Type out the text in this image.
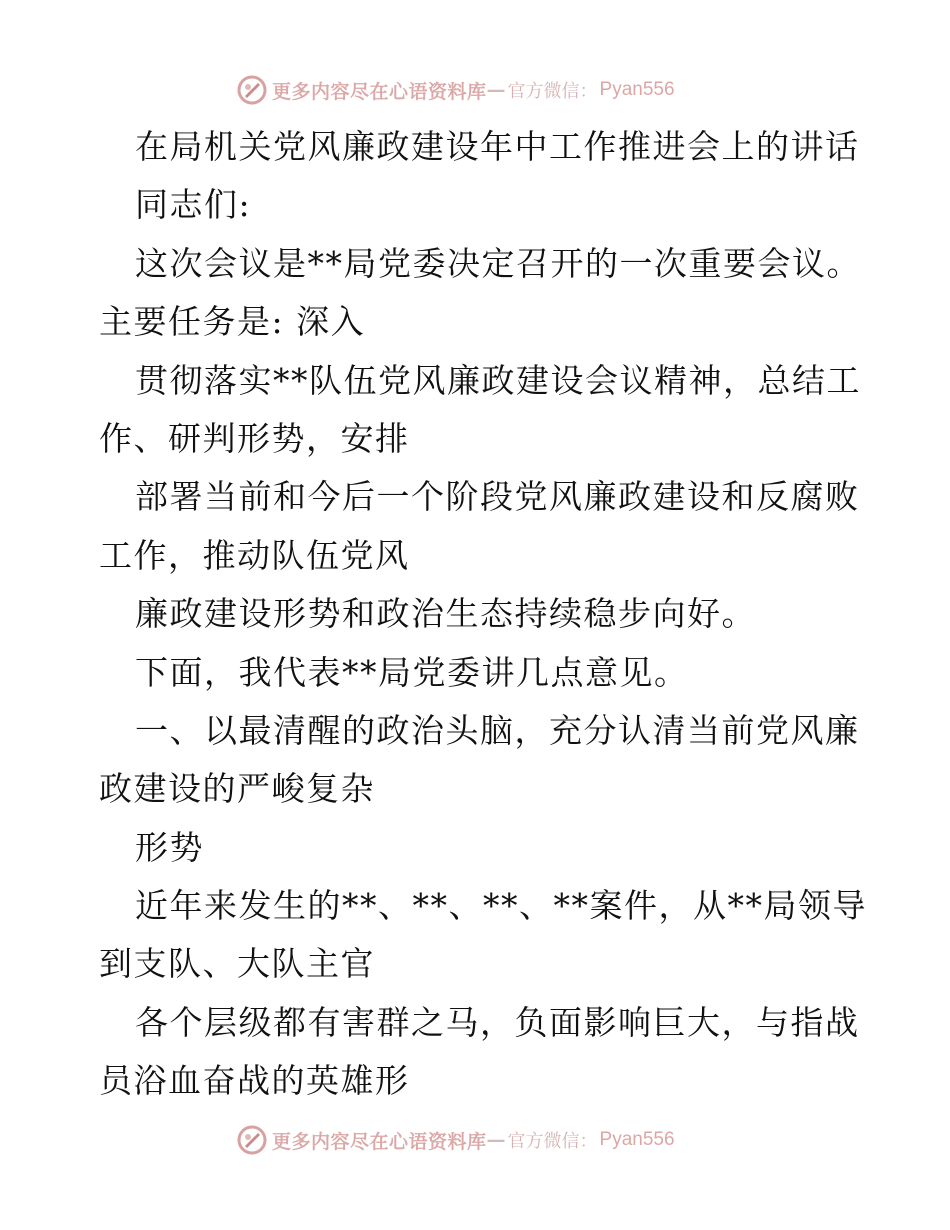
更多内容尽在心语资料库 — 官方微信： Pyan556
在局机关党风廉政建设年中工作推进会上的讲话
同志们:
这次会议是**局党委决定召开的一次重要会议。
主要任务是: 深入
贯彻落实**队伍党风廉政建设会议精神，总结工
作、研判形势，安排
部署当前和今后一个阶段党风廉政建设和反腐败
工作，推动队伍党风
廉政建设形势和政治生态持续稳步向好。
下面，我代表**局党委讲几点意见。
一、以最清醒的政治头脑，充分认清当前党风廉
政建设的严峻复杂
形势
近年来发生的**、**、**、**案件，从**局领导
到支队、大队主官
各个层级都有害群之马，负面影响巨大，与指战
员浴血奋战的英雄形
更多内容尽在心语资料库 — 官方微信： Pyan556
